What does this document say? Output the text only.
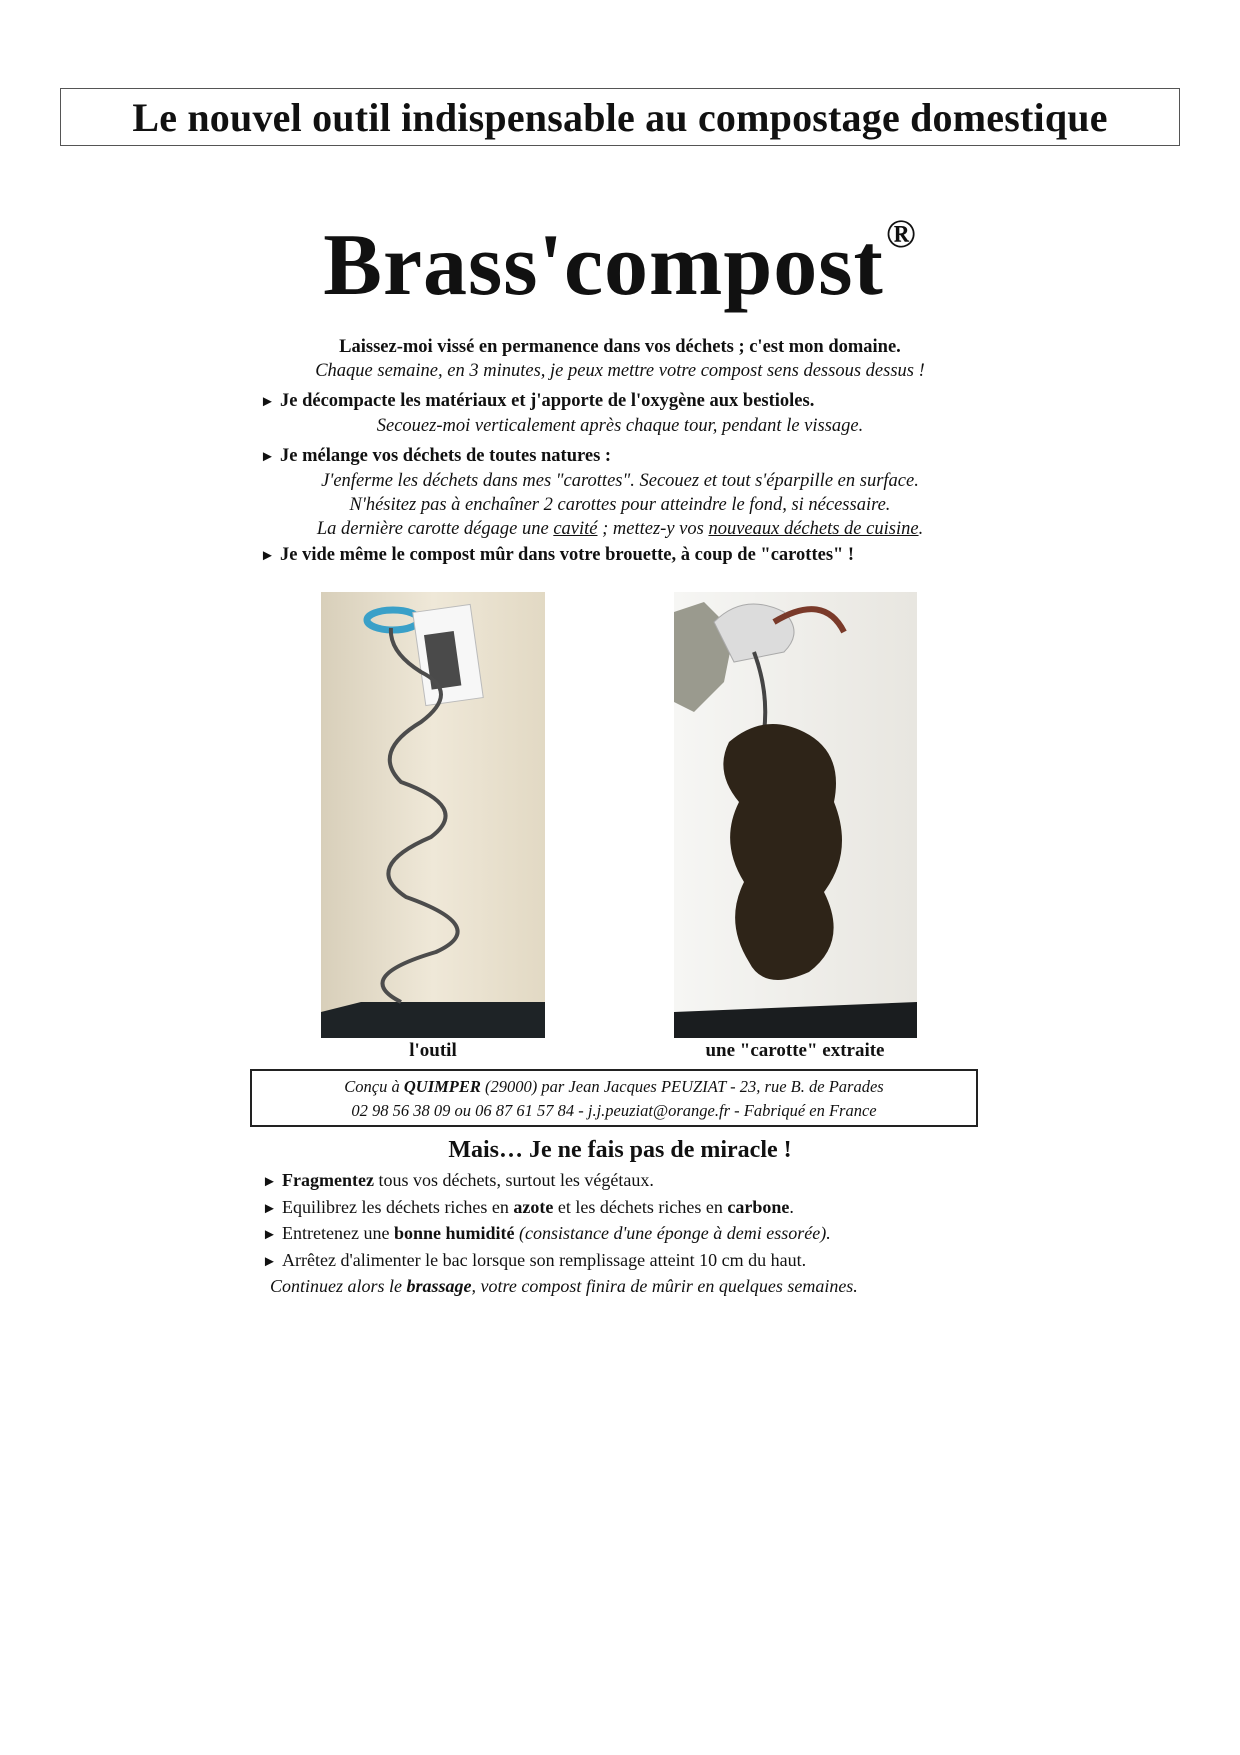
Le nouvel outil indispensable au compostage domestique
Brass'compost®
Laissez-moi vissé en permanence dans vos déchets ; c'est mon domaine.
Chaque semaine, en 3 minutes, je peux mettre votre compost sens dessous dessus !
► Je décompacte les matériaux et j'apporte de l'oxygène aux bestioles.
Secouez-moi verticalement après chaque tour, pendant le vissage.
► Je mélange vos déchets de toutes natures :
J'enferme les déchets dans mes "carottes". Secouez et tout s'éparpille en surface.
N'hésitez pas à enchaîner 2 carottes pour atteindre le fond, si nécessaire.
La dernière carotte dégage une cavité ; mettez-y vos nouveaux déchets de cuisine.
► Je vide même le compost mûr dans votre brouette, à coup de "carottes" !
l'outil	une "carotte" extraite
Conçu à QUIMPER (29000) par Jean Jacques PEUZIAT - 23, rue B. de Parades
02 98 56 38 09 ou 06 87 61 57 84 - j.j.peuziat@orange.fr - Fabriqué en France
Mais… Je ne fais pas de miracle !
► Fragmentez tous vos déchets, surtout les végétaux.
► Equilibrez les déchets riches en azote et les déchets riches en carbone.
► Entretenez une bonne humidité (consistance d'une éponge à demi essorée).
► Arrêtez d'alimenter le bac lorsque son remplissage atteint 10 cm du haut.
Continuez alors le brassage, votre compost finira de mûrir en quelques semaines.
